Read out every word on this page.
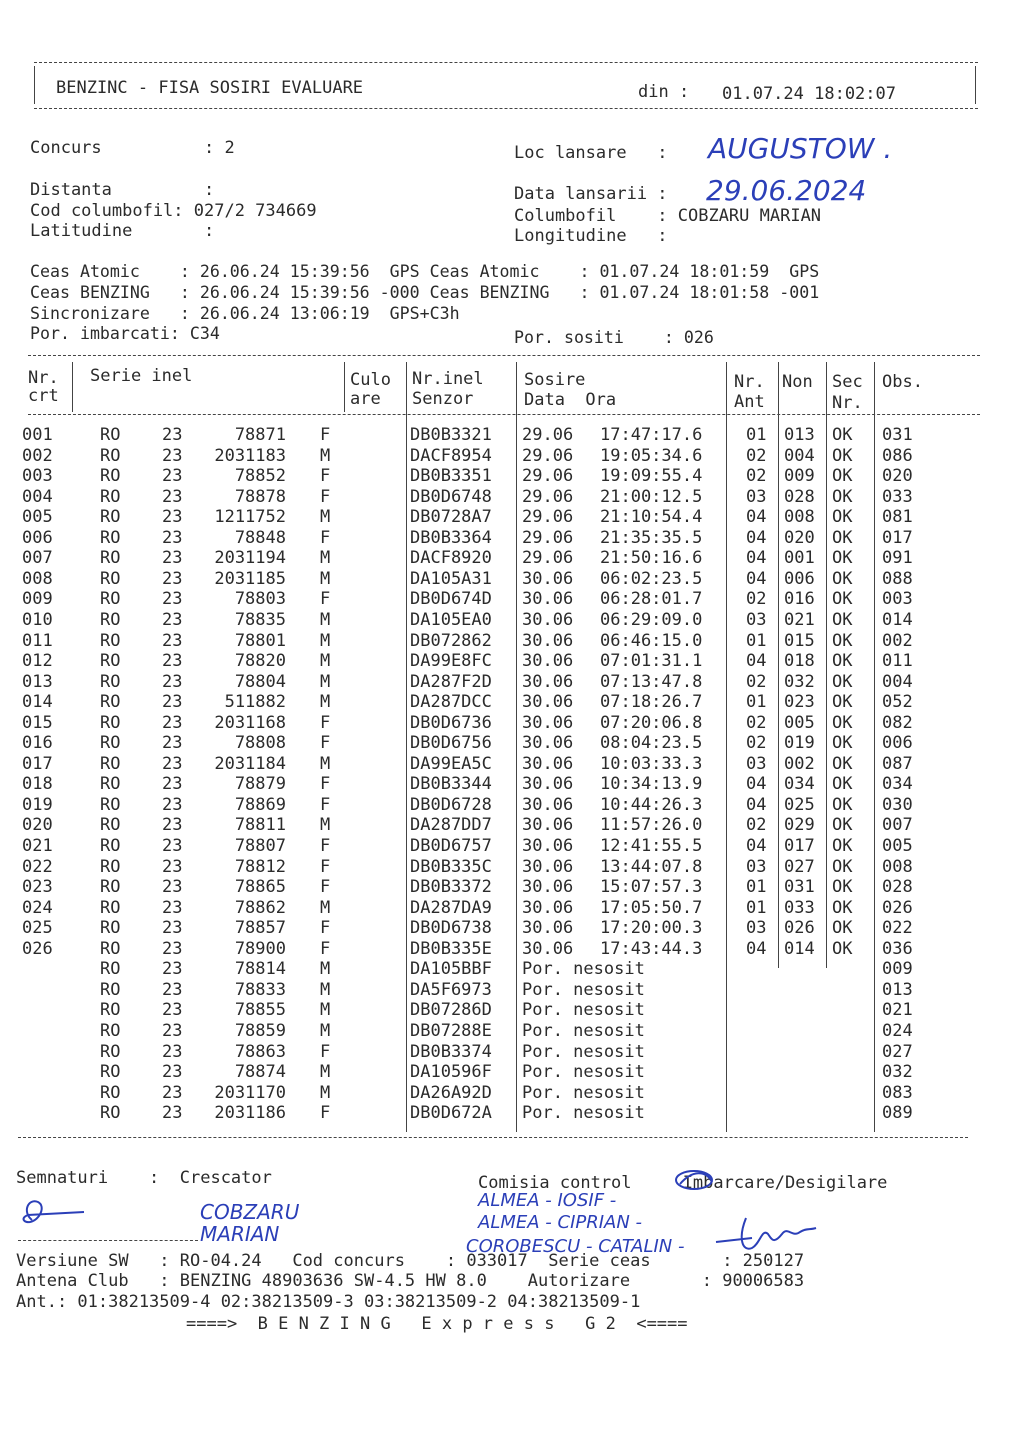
BENZINC - FISA SOSIRI EVALUARE	din : 01.07.24 18:02:07
Concurs          : 2	Loc lansare   : AUGUSTOW .
Distanta         :
Cod columbofil: 027/2 734669
Latitudine       :
Data lansarii : 29.06.2024
Columbofil    : COBZARU MARIAN
Longitudine   :
Ceas Atomic    : 26.06.24 15:39:56  GPS Ceas Atomic    : 01.07.24 18:01:59  GPS
Ceas BENZING   : 26.06.24 15:39:56 -000 Ceas BENZING   : 01.07.24 18:01:58 -001
Sincronizare   : 26.06.24 13:06:19  GPS+C3h
Por. imbarcati: C34	Por. sositi    : 026
Nr.
crt
Serie inel	Culo
are
Nr.inel
Senzor
Sosire
Data  Ora
Nr.
Ant
Non Sec
Nr.
Obs.
001	RO 23	78871 F	DB0B3321 29.06 17:47:17.6	01 013 OK 031
002	RO 23	2031183 M	DACF8954 29.06 19:05:34.6	02 004 OK 086
003	RO 23	78852 F	DB0B3351 29.06 19:09:55.4	02 009 OK 020
004	RO 23	78878 F	DB0D6748 29.06 21:00:12.5	03 028 OK 033
005	RO 23	1211752 M	DB0728A7 29.06 21:10:54.4	04 008 OK 081
006	RO 23	78848 F	DB0B3364 29.06 21:35:35.5	04 020 OK 017
007	RO 23	2031194 M	DACF8920 29.06 21:50:16.6	04 001 OK 091
008	RO 23	2031185 M	DA105A31 30.06 06:02:23.5	04 006 OK 088
009	RO 23	78803 F	DB0D674D 30.06 06:28:01.7	02 016 OK 003
010	RO 23	78835 M	DA105EA0 30.06 06:29:09.0	03 021 OK 014
011	RO 23	78801 M	DB072862 30.06 06:46:15.0	01 015 OK 002
012	RO 23	78820 M	DA99E8FC 30.06 07:01:31.1	04 018 OK 011
013	RO 23	78804 M	DA287F2D 30.06 07:13:47.8	02 032 OK 004
014	RO 23	511882 M	DA287DCC 30.06 07:18:26.7	01 023 OK 052
015	RO 23	2031168 F	DB0D6736 30.06 07:20:06.8	02 005 OK 082
016	RO 23	78808 F	DB0D6756 30.06 08:04:23.5	02 019 OK 006
017	RO 23	2031184 M	DA99EA5C 30.06 10:03:33.3	03 002 OK 087
018	RO 23	78879 F	DB0B3344 30.06 10:34:13.9	04 034 OK 034
019	RO 23	78869 F	DB0D6728 30.06 10:44:26.3	04 025 OK 030
020	RO 23	78811 M	DA287DD7 30.06 11:57:26.0	02 029 OK 007
021	RO 23	78807 F	DB0D6757 30.06 12:41:55.5	04 017 OK 005
022	RO 23	78812 F	DB0B335C 30.06 13:44:07.8	03 027 OK 008
023	RO 23	78865 F	DB0B3372 30.06 15:07:57.3	01 031 OK 028
024	RO 23	78862 M	DA287DA9 30.06 17:05:50.7	01 033 OK 026
025	RO 23	78857 F	DB0D6738 30.06 17:20:00.3	03 026 OK 022
026	RO 23	78900 F	DB0B335E 30.06 17:43:44.3	04 014 OK 036
RO 23	78814 M	DA105BBF Por. nesosit	009
RO 23	78833 M	DA5F6973 Por. nesosit	013
RO 23	78855 M	DB07286D Por. nesosit	021
RO 23	78859 M	DB07288E Por. nesosit	024
RO 23	78863 F	DB0B3374 Por. nesosit	027
RO 23	78874 M	DA10596F Por. nesosit	032
RO 23	2031170 M	DA26A92D Por. nesosit	083
RO 23	2031186 F	DB0D672A Por. nesosit	089
Semnaturi    :  Crescator	Comisia control     Imbarcare/Desigilare
COBZARU
MARIAN
ALMEA - IOSIF -
ALMEA - CIPRIAN -
COROBESCU - CATALIN -
Versiune SW   : RO-04.24   Cod concurs    : 033017  Serie ceas       : 250127
Antena Club   : BENZING 48903636 SW-4.5 HW 8.0    Autorizare       : 90006583
Ant.: 01:38213509-4 02:38213509-3 03:38213509-2 04:38213509-1
====>  B E N Z I N G   E x p r e s s   G 2  <====
